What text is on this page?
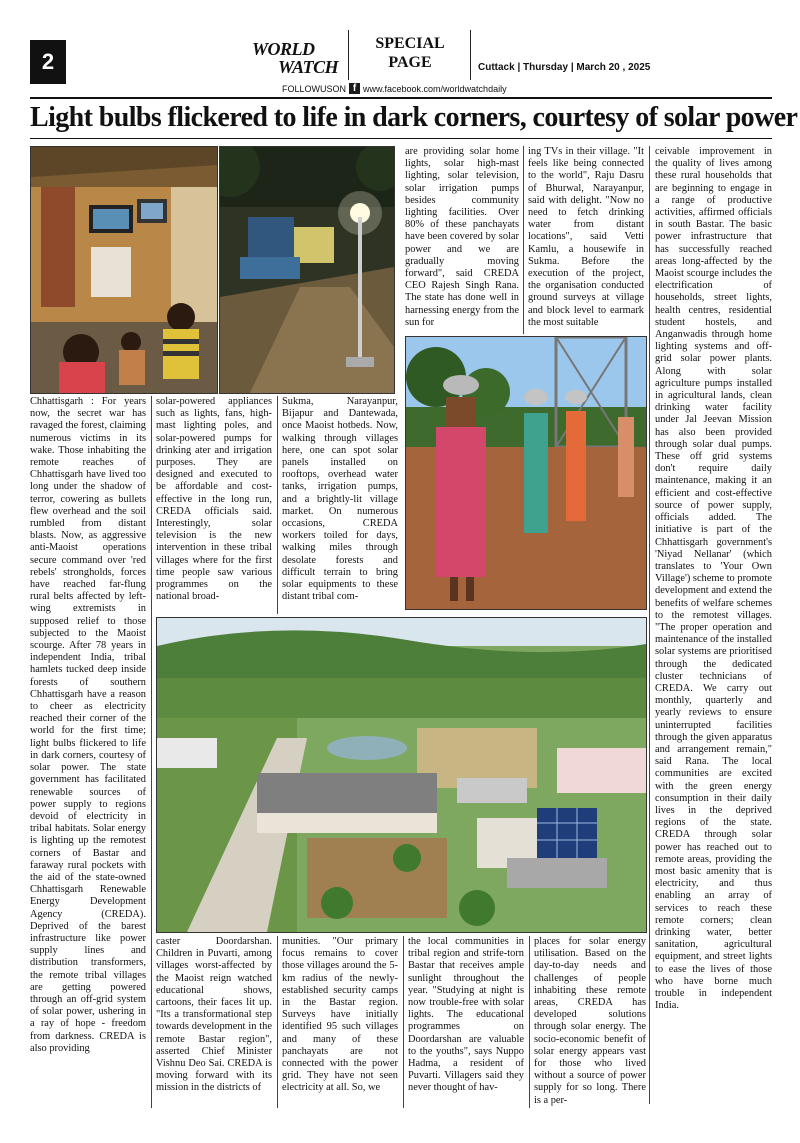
2	WORLD
WATCH
SPECIAL
PAGE	Cuttack | Thursday | March 20 , 2025
FOLLOWUSON f www.facebook.com/worldwatchdaily
Light bulbs flickered to life in dark corners, courtesy of solar power

are providing solar home lights, solar high-mast lighting, solar television, solar irrigation pumps besides community lighting facilities. Over 80% of these panchayats have been covered by solar power and we are gradually moving forward", said CREDA CEO Rajesh Singh Rana. The state has done well in harnessing energy from the sun for

ing TVs in their village. "It feels like being connected to the world", Raju Dasru of Bhurwal, Narayanpur, said with delight. "Now no need to fetch drinking water from distant locations", said Vetti Kamlu, a housewife in Sukma. Before the execution of the project, the organisation conducted ground surveys at village and block level to earmark the most suitable

Chhattisgarh : For years now, the secret war has ravaged the forest, claiming numerous victims in its wake. Those inhabiting the remote reaches of Chhattisgarh have lived too long under the shadow of terror, cowering as bullets flew overhead and the soil rumbled from distant blasts. Now, as aggressive anti-Maoist operations secure command over 'red rebels' strongholds, forces have reached far-flung rural belts affected by left-wing extremists in supposed relief to those subjected to the Maoist scourge. After 78 years in independent India, tribal hamlets tucked deep inside forests of southern Chhattisgarh have a reason to cheer as electricity reached their corner of the world for the first time; light bulbs flickered to life in dark corners, courtesy of solar power. The state government has facilitated renewable sources of power supply to regions devoid of electricity in tribal habitats. Solar energy is lighting up the remotest corners of Bastar and faraway rural pockets with the aid of the state-owned Chhattisgarh Renewable Energy Development Agency (CREDA). Deprived of the barest infrastructure like power supply lines and distribution transformers, the remote tribal villages are getting powered through an off-grid system of solar power, ushering in a ray of hope - freedom from darkness. CREDA is also providing

solar-powered appliances such as lights, fans, high-mast lighting poles, and solar-powered pumps for drinking ater and irrigation purposes. They are designed and executed to be affordable and cost-effective in the long run, CREDA officials said. Interestingly, solar television is the new intervention in these tribal villages where for the first time people saw various programmes on the national broad-

Sukma, Narayanpur, Bijapur and Dantewada, once Maoist hotbeds. Now, walking through villages here, one can spot solar panels installed on rooftops, overhead water tanks, irrigation pumps, and a brightly-lit village market. On numerous occasions, CREDA workers toiled for days, walking miles through desolate forests and difficult terrain to bring solar equipments to these distant tribal com-

caster Doordarshan. Children in Puvarti, among villages worst-affected by the Maoist reign watched educational shows, cartoons, their faces lit up. "Its a transformational step towards development in the remote Bastar region", asserted Chief Minister Vishnu Deo Sai. CREDA is moving forward with its mission in the districts of

munities. "Our primary focus remains to cover those villages around the 5-km radius of the newly-established security camps in the Bastar region. Surveys have initially identified 95 such villages and many of these panchayats are not connected with the power grid. They have not seen electricity at all. So, we

the local communities in tribal region and strife-torn Bastar that receives ample sunlight throughout the year. "Studying at night is now trouble-free with solar lights. The educational programmes on Doordarshan are valuable to the youths", says Nuppo Hadma, a resident of Puvarti. Villagers said they never thought of hav-

places for solar energy utilisation. Based on the day-to-day needs and challenges of people inhabiting these remote areas, CREDA has developed solutions through solar energy. The socio-economic benefit of solar energy appears vast for those who lived without a source of power supply for so long. There is a per-

ceivable improvement in the quality of lives among these rural households that are beginning to engage in a range of productive activities, affirmed officials in south Bastar. The basic power infrastructure that has successfully reached areas long-affected by the Maoist scourge includes the electrification of households, street lights, health centres, residential student hostels, and Anganwadis through home lighting systems and off-grid solar power plants. Along with solar agriculture pumps installed in agricultural lands, clean drinking water facility under Jal Jeevan Mission has also been provided through solar dual pumps. These off grid systems don't require daily maintenance, making it an efficient and cost-effective source of power supply, officials added. The initiative is part of the Chhattisgarh government's 'Niyad Nellanar' (which translates to 'Your Own Village') scheme to promote development and extend the benefits of welfare schemes to the remotest villages. "The proper operation and maintenance of the installed solar systems are prioritised through the dedicated cluster technicians of CREDA. We carry out monthly, quarterly and yearly reviews to ensure uninterrupted facilities through the given apparatus and arrangement remain," said Rana. The local communities are excited with the green energy consumption in their daily lives in the deprived regions of the state. CREDA through solar power has reached out to remote areas, providing the most basic amenity that is electricity, and thus enabling an array of services to reach these remote corners; clean drinking water, better sanitation, agricultural equipment, and street lights to ease the lives of those who have borne much trouble in independent India.
